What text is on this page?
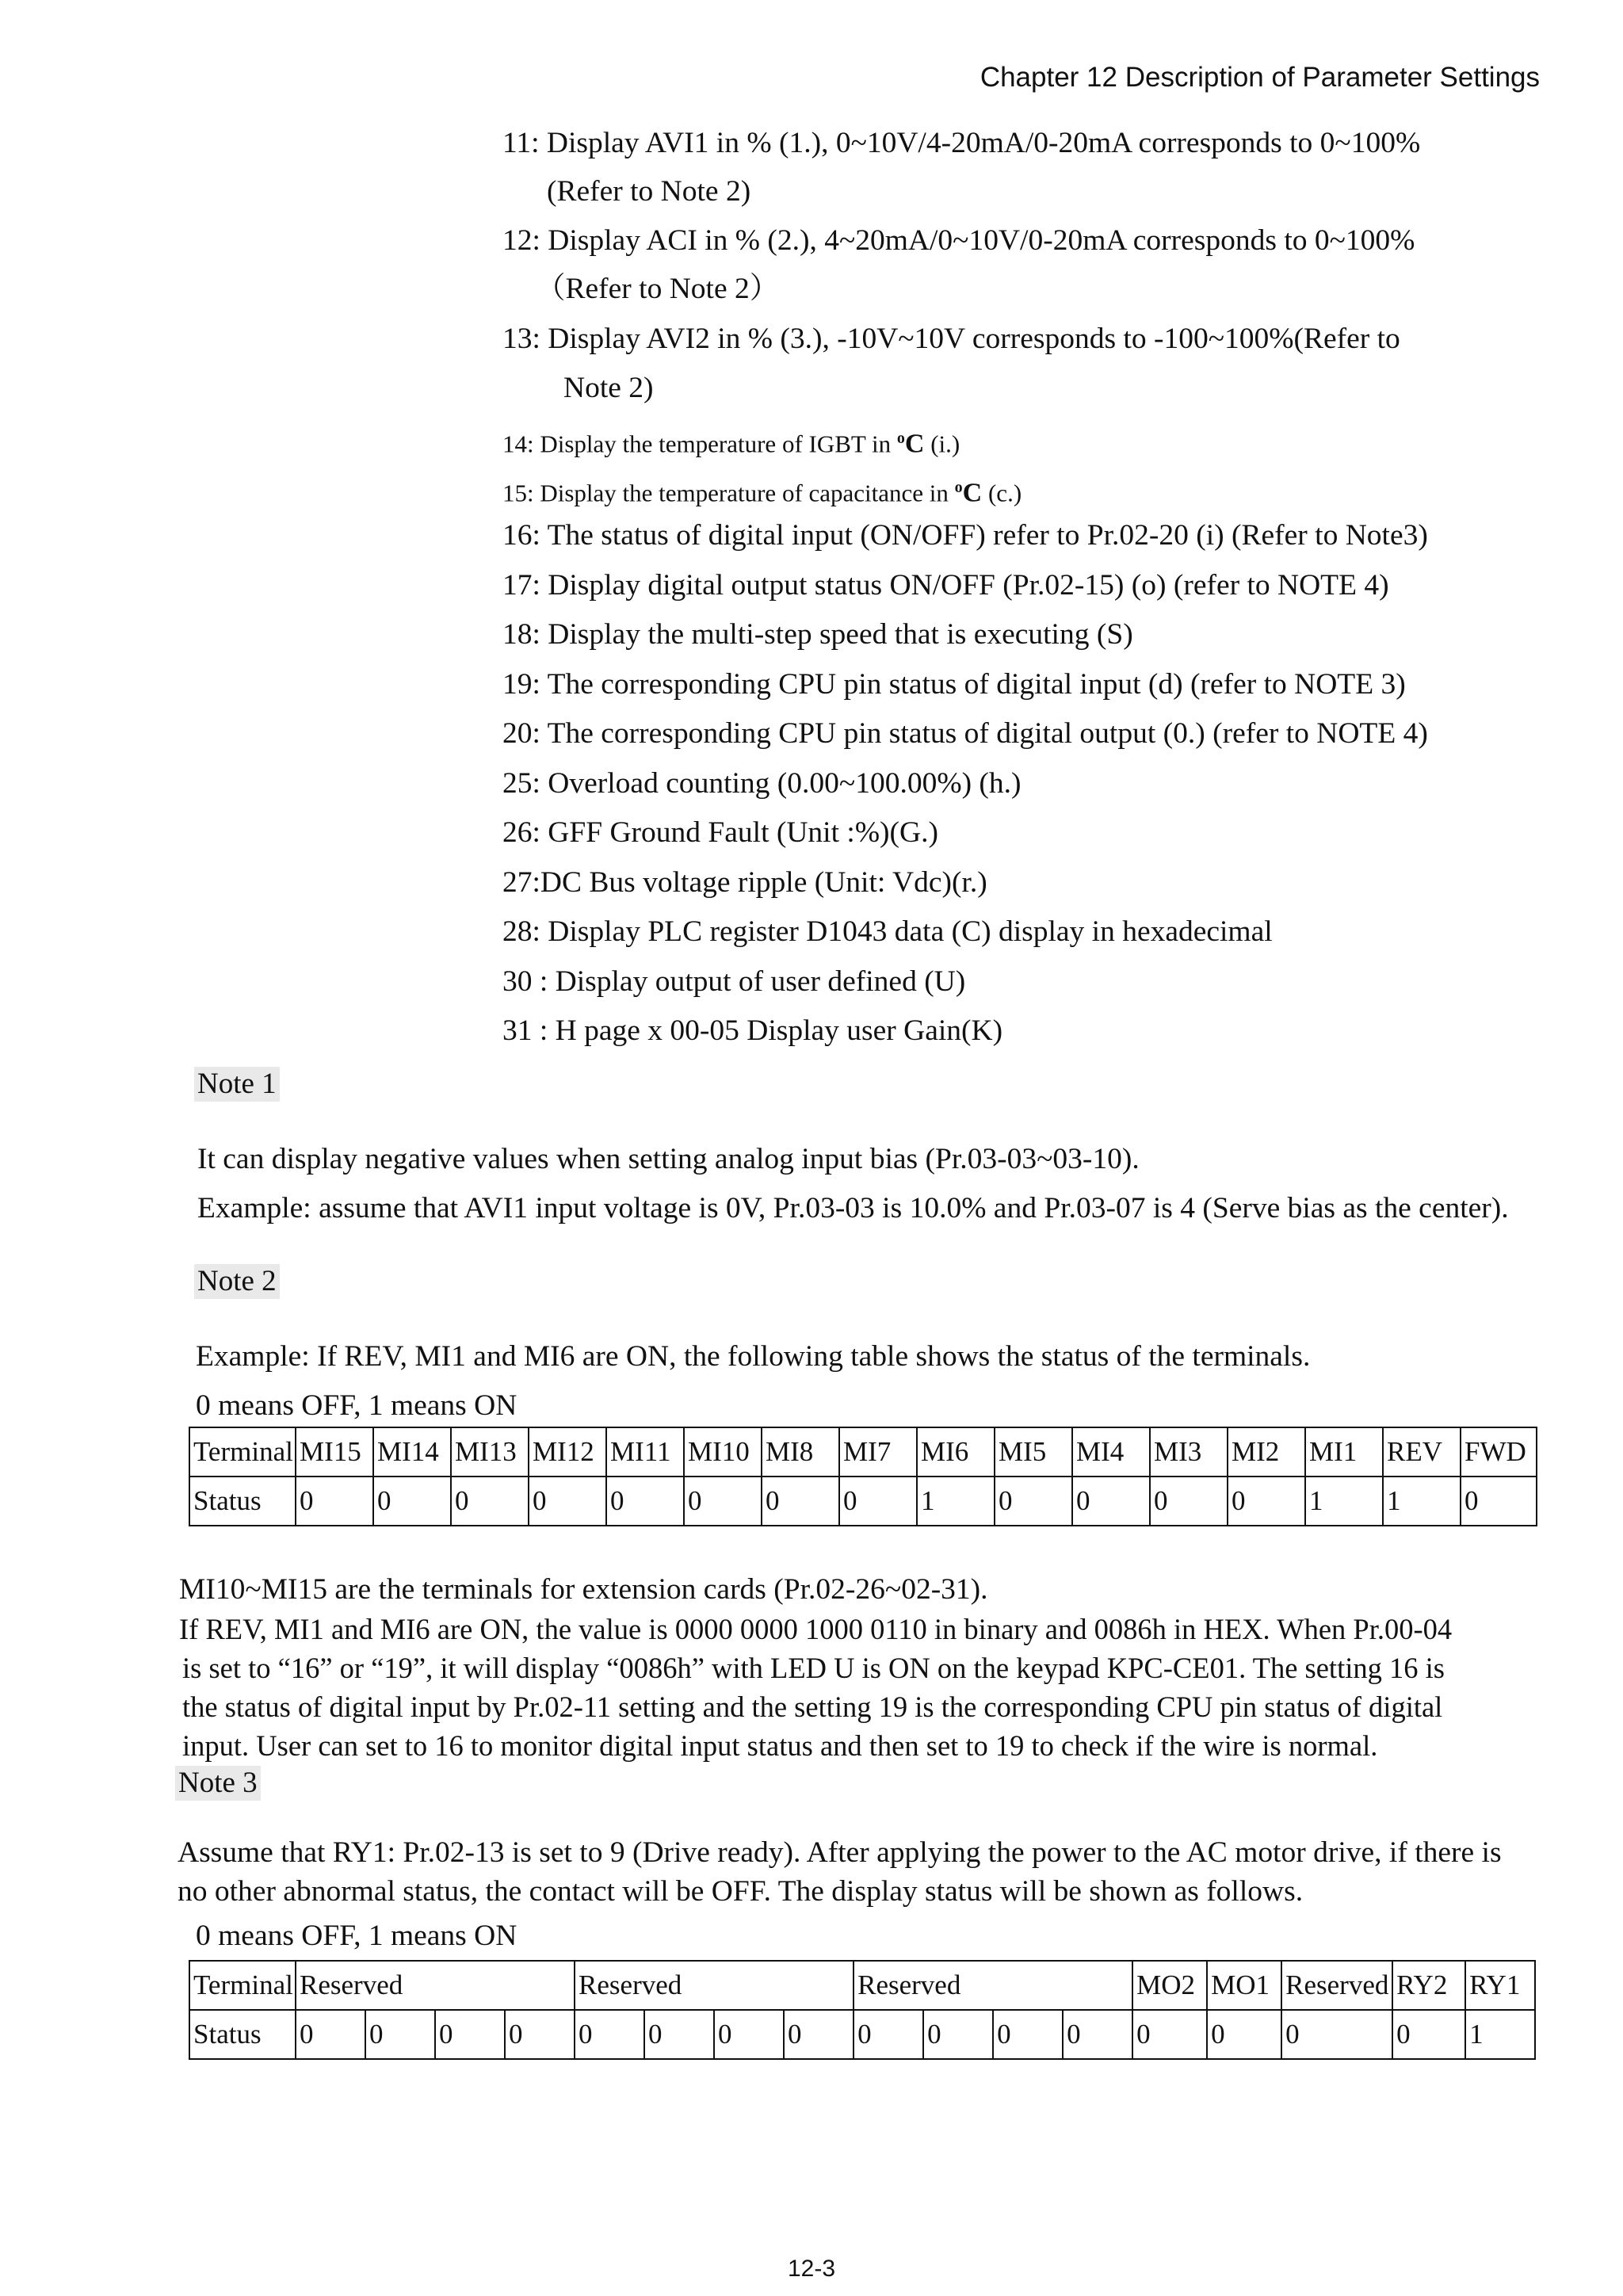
Chapter 12 Description of Parameter Settings
11: Display AVI1 in % (1.), 0~10V/4-20mA/0-20mA corresponds to 0~100%
(Refer to Note 2)
12: Display ACI in % (2.), 4~20mA/0~10V/0-20mA corresponds to 0~100%
（Refer to Note 2）
13: Display AVI2 in % (3.), -10V~10V corresponds to -100~100%(Refer to
Note 2)
14: Display the temperature of IGBT in $^o$C (i.)
15: Display the temperature of capacitance in $^o$C (c.)
16: The status of digital input (ON/OFF) refer to Pr.02-20 (i) (Refer to Note3)
17: Display digital output status ON/OFF (Pr.02-15) (o) (refer to NOTE 4)
18: Display the multi-step speed that is executing (S)
19: The corresponding CPU pin status of digital input (d) (refer to NOTE 3)
20: The corresponding CPU pin status of digital output (0.) (refer to NOTE 4)
25: Overload counting (0.00~100.00%) (h.)
26: GFF Ground Fault (Unit :%)(G.)
27:DC Bus voltage ripple (Unit: Vdc)(r.)
28: Display PLC register D1043 data (C) display in hexadecimal
30 : Display output of user defined (U)
31 : H page x 00-05 Display user Gain(K)
Note 1
It can display negative values when setting analog input bias (Pr.03-03~03-10).
Example: assume that AVI1 input voltage is 0V, Pr.03-03 is 10.0% and Pr.03-07 is 4 (Serve bias as the center).
Note 2
Example: If REV, MI1 and MI6 are ON, the following table shows the status of the terminals.
0 means OFF, 1 means ON
Terminal	MI15	MI14	MI13	MI12	MI11	MI10	MI8	MI7	MI6	MI5	MI4	MI3	MI2	MI1	REV	FWD
Status	0	0	0	0	0	0	0	0	1	0	0	0	0	1	1	0
MI10~MI15 are the terminals for extension cards (Pr.02-26~02-31).
If REV, MI1 and MI6 are ON, the value is 0000 0000 1000 0110 in binary and 0086h in HEX. When Pr.00-04
is set to “16” or “19”, it will display “0086h” with LED U is ON on the keypad KPC-CE01. The setting 16 is
the status of digital input by Pr.02-11 setting and the setting 19 is the corresponding CPU pin status of digital
input. User can set to 16 to monitor digital input status and then set to 19 to check if the wire is normal.
Note 3
Assume that RY1: Pr.02-13 is set to 9 (Drive ready). After applying the power to the AC motor drive, if there is
no other abnormal status, the contact will be OFF. The display status will be shown as follows.
0 means OFF, 1 means ON
Terminal	Reserved				Reserved				Reserved				MO2	MO1	Reserved	RY2	RY1
Status	0	0	0	0	0	0	0	0	0	0	0	0	0	0	0	0	1
12-3
